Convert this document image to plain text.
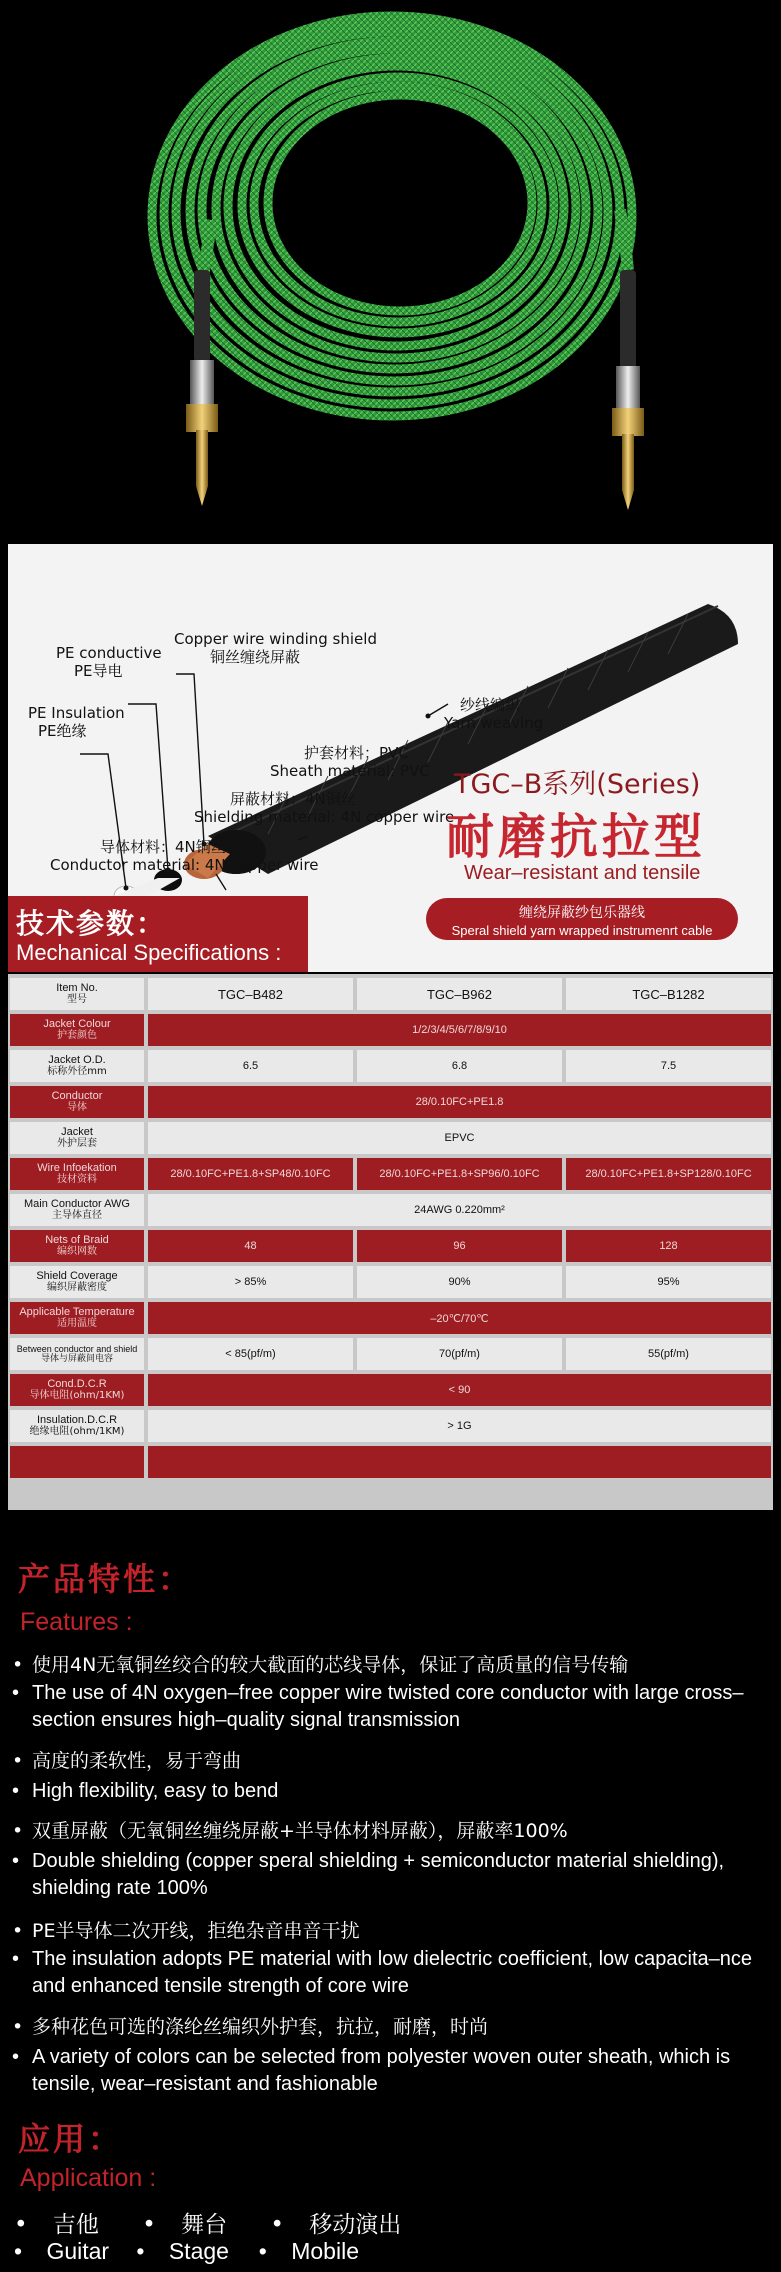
Copper wire winding shield
铜丝缠绕屏蔽
PE conductive
PE导电
PE Insulation
PE绝缘
纱线编织
Yarn weaving
护套材料：PVC
Sheath material: PVC
屏蔽材料：4N铜丝
Shielding material: 4N copper wire
导体材料：4N铜丝
Conductor material: 4N copper wire
TGC–B系列(Series)
耐磨抗拉型
Wear–resistant and tensile
技术参数：
Mechanical Specifications :
缠绕屏蔽纱包乐器线
Speral shield yarn wrapped instrumenrt cable
Item No.
型号	TGC–B482	TGC–B962	TGC–B1282
Jacket Colour
护套颜色	1/2/3/4/5/6/7/8/9/10
Jacket O.D.
标称外径mm	6.5	6.8	7.5
Conductor
导体	28/0.10FC+PE1.8
Jacket
外护层套	EPVC
Wire Infoekation
技材资料	28/0.10FC+PE1.8+SP48/0.10FC	28/0.10FC+PE1.8+SP96/0.10FC	28/0.10FC+PE1.8+SP128/0.10FC
Main Conductor AWG
主导体直径	24AWG 0.220mm²
Nets of Braid
编织网数	48	96	128
Shield Coverage
编织屏蔽密度	> 85%	90%	95%
Applicable Temperature
适用温度	–20℃/70℃
Between conductor and shield
导体与屏蔽间电容	< 85(pf/m)	70(pf/m)	55(pf/m)
Cond.D.C.R
导体电阻(ohm/1KM)	< 90
Insulation.D.C.R
绝缘电阻(ohm/1KM)	> 1G
产品特性：
Features :
• 使用4N无氧铜丝绞合的较大截面的芯线导体，保证了高质量的信号传输
• The use of 4N oxygen–free copper wire twisted core conductor with large cross–section ensures high–quality signal transmission
• 高度的柔软性，易于弯曲
• High flexibility, easy to bend
• 双重屏蔽（无氧铜丝缠绕屏蔽+半导体材料屏蔽），屏蔽率100%
• Double shielding (copper speral shielding + semiconductor material shielding), shielding rate 100%
• PE半导体二次开线，拒绝杂音串音干扰
• The insulation adopts PE material with low dielectric coefficient, low capacita–nce and enhanced tensile strength of core wire
• 多种花色可选的涤纶丝编织外护套，抗拉，耐磨，时尚
• A variety of colors can be selected from polyester woven outer sheath, which is tensile, wear–resistant and fashionable
应用：
Application :
• 吉他 • 舞台 • 移动演出
• Guitar • Stage • Mobile
